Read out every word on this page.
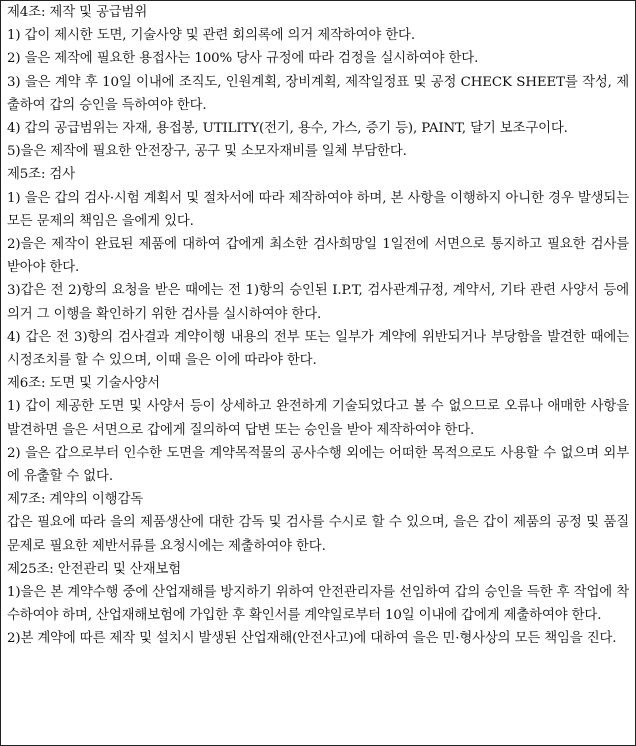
제4조: 제작 및 공급범위

1) 갑이 제시한 도면, 기술사양 및 관련 회의록에 의거 제작하여야 한다.

2) 을은 제작에 필요한 용접사는 100% 당사 규정에 따라 검정을 실시하여야 한다.

3) 을은 계약 후 10일 이내에 조직도, 인원계획, 장비계획, 제작일정표 및 공정 CHECK SHEET를 작성, 제출하여 갑의 승인을 득하여야 한다.

4) 갑의 공급범위는 자재, 용접봉, UTILITY(전기, 용수, 가스, 증기 등), PAINT, 달기 보조구이다.

5)을은 제작에 필요한 안전장구, 공구 및 소모자재비를 일체 부담한다.

제5조: 검사

1) 을은 갑의 검사·시험 계획서 및 절차서에 따라 제작하여야 하며, 본 사항을 이행하지 아니한 경우 발생되는 모든 문제의 책임은 을에게 있다.

2)을은 제작이 완료된 제품에 대하여 갑에게 최소한 검사희망일 1일전에 서면으로 통지하고 필요한 검사를 받아야 한다.

3)갑은 전 2)항의 요청을 받은 때에는 전 1)항의 승인된 I.P.T, 검사관계규정, 계약서, 기타 관련 사양서 등에 의거 그 이행을 확인하기 위한 검사를 실시하여야 한다.

4) 갑은 전 3)항의 검사결과 계약이행 내용의 전부 또는 일부가 계약에 위반되거나 부당함을 발견한 때에는 시정조치를 할 수 있으며, 이때 을은 이에 따라야 한다.

제6조: 도면 및 기술사양서

1) 갑이 제공한 도면 및 사양서 등이 상세하고 완전하게 기술되었다고 볼 수 없으므로 오류나 애매한 사항을 발견하면 을은 서면으로 갑에게 질의하여 답변 또는 승인을 받아 제작하여야 한다.

2) 을은 갑으로부터 인수한 도면을 계약목적물의 공사수행 외에는 어떠한 목적으로도 사용할 수 없으며 외부에 유출할 수 없다.

제7조: 계약의 이행감독

갑은 필요에 따라 을의 제품생산에 대한 감독 및 검사를 수시로 할 수 있으며, 을은 갑이 제품의 공정 및 품질문제로 필요한 제반서류를 요청시에는 제출하여야 한다.

제25조: 안전관리 및 산재보험

1)을은 본 계약수행 중에 산업재해를 방지하기 위하여 안전관리자를 선임하여 갑의 승인을 득한 후 작업에 착수하여야 하며, 산업재해보험에 가입한 후 확인서를 계약일로부터 10일 이내에 갑에게 제출하여야 한다.

2)본 계약에 따른 제작 및 설치시 발생된 산업재해(안전사고)에 대하여 을은 민·형사상의 모든 책임을 진다.
